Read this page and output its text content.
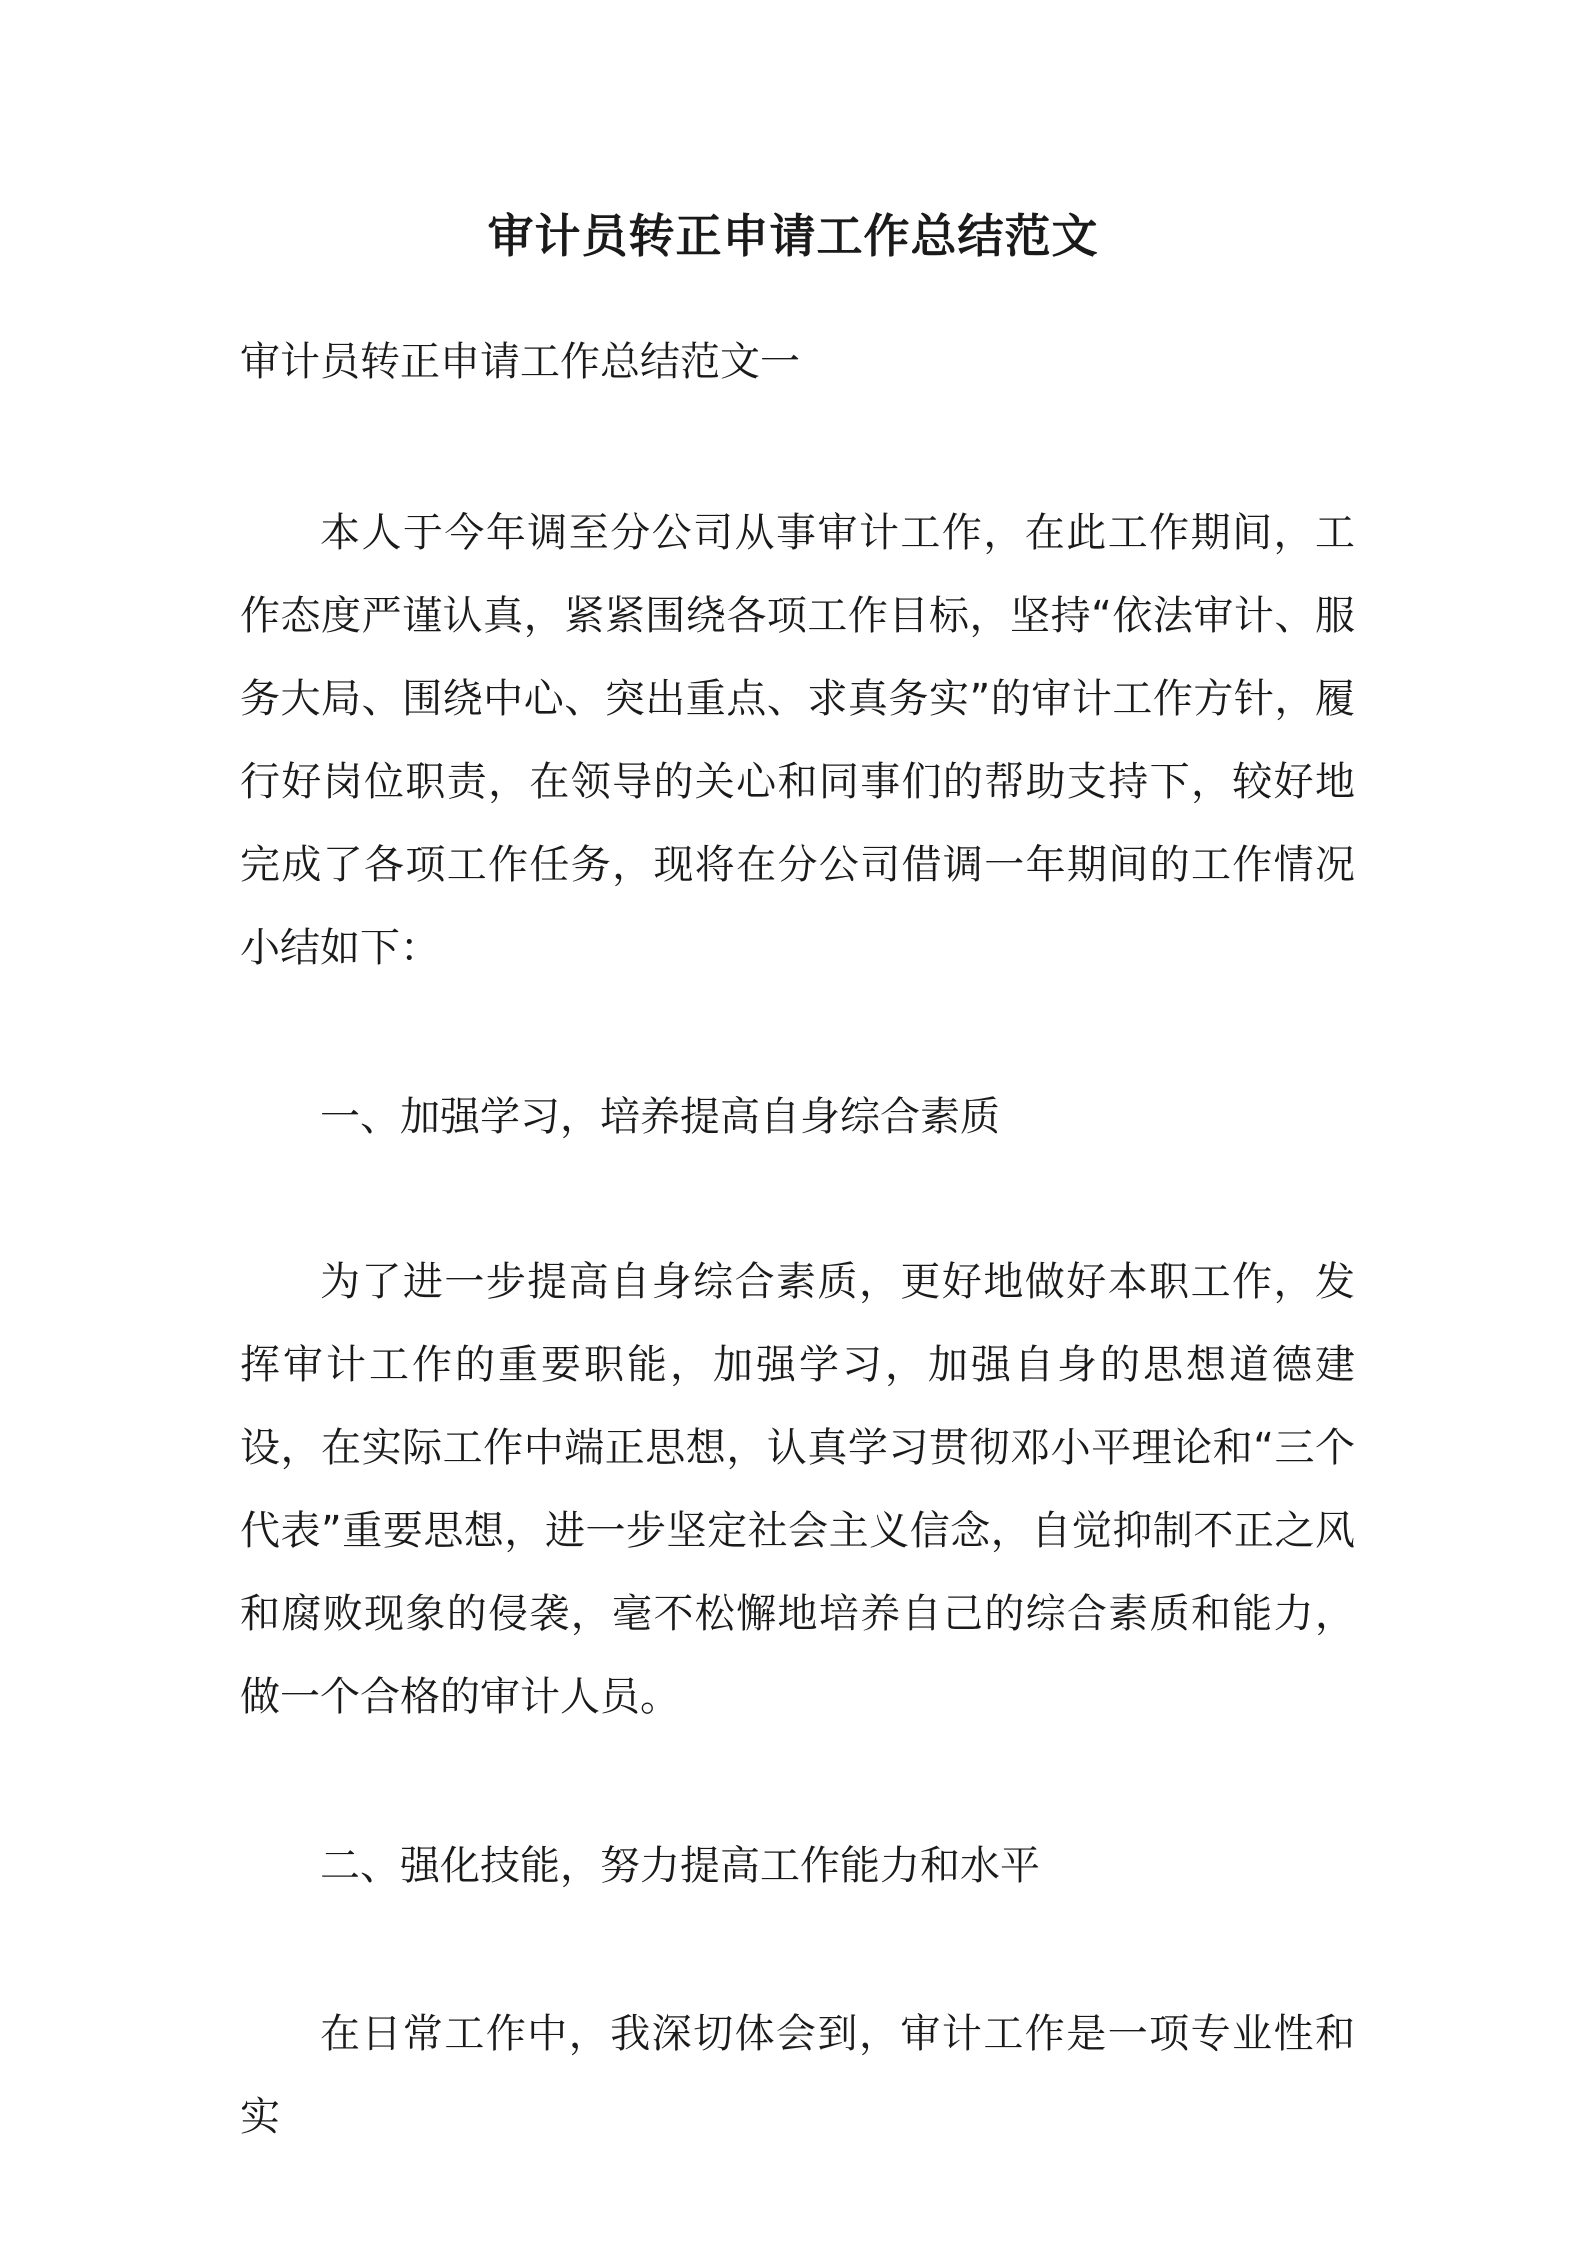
审计员转正申请工作总结范文

审计员转正申请工作总结范文一

本人于今年调至分公司从事审计工作，在此工作期间，工作态度严谨认真，紧紧围绕各项工作目标，坚持“依法审计、服务大局、围绕中心、突出重点、求真务实”的审计工作方针，履行好岗位职责，在领导的关心和同事们的帮助支持下，较好地完成了各项工作任务，现将在分公司借调一年期间的工作情况小结如下：

一、加强学习，培养提高自身综合素质

为了进一步提高自身综合素质，更好地做好本职工作，发挥审计工作的重要职能，加强学习，加强自身的思想道德建设，在实际工作中端正思想，认真学习贯彻邓小平理论和“三个代表”重要思想，进一步坚定社会主义信念，自觉抑制不正之风和腐败现象的侵袭，毫不松懈地培养自己的综合素质和能力，做一个合格的审计人员。

二、强化技能，努力提高工作能力和水平

在日常工作中，我深切体会到，审计工作是一项专业性和实
